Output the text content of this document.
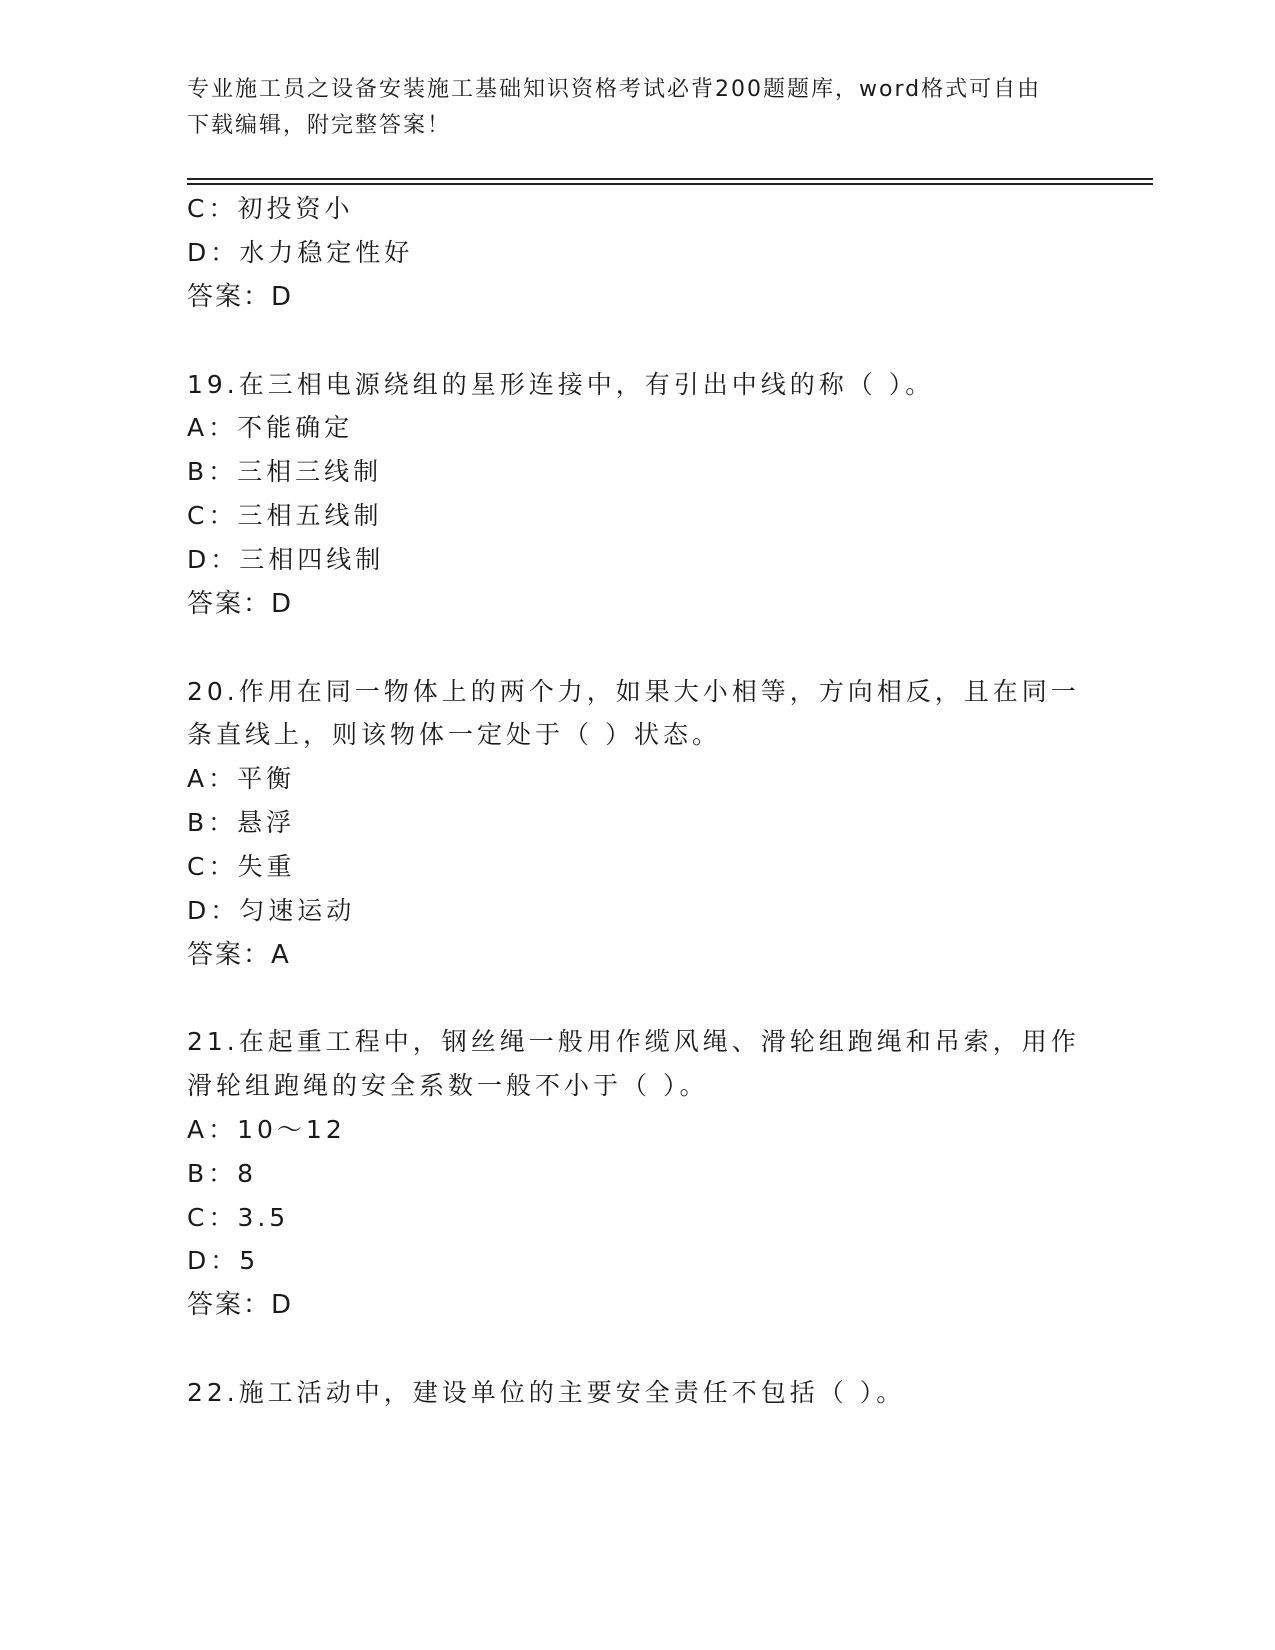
专业施工员之设备安装施工基础知识资格考试必背200题题库，word格式可自由
下载编辑，附完整答案！
C：初投资小
D：水力稳定性好
答案：D
19.在三相电源绕组的星形连接中，有引出中线的称（ ）。
A：不能确定
B：三相三线制
C：三相五线制
D：三相四线制
答案：D
20.作用在同一物体上的两个力，如果大小相等，方向相反，且在同一
条直线上，则该物体一定处于（ ）状态。
A：平衡
B：悬浮
C：失重
D：匀速运动
答案：A
21.在起重工程中，钢丝绳一般用作缆风绳、滑轮组跑绳和吊索，用作
滑轮组跑绳的安全系数一般不小于（ ）。
A：10～12
B：8
C：3.5
D：5
答案：D
22.施工活动中，建设单位的主要安全责任不包括（ ）。
